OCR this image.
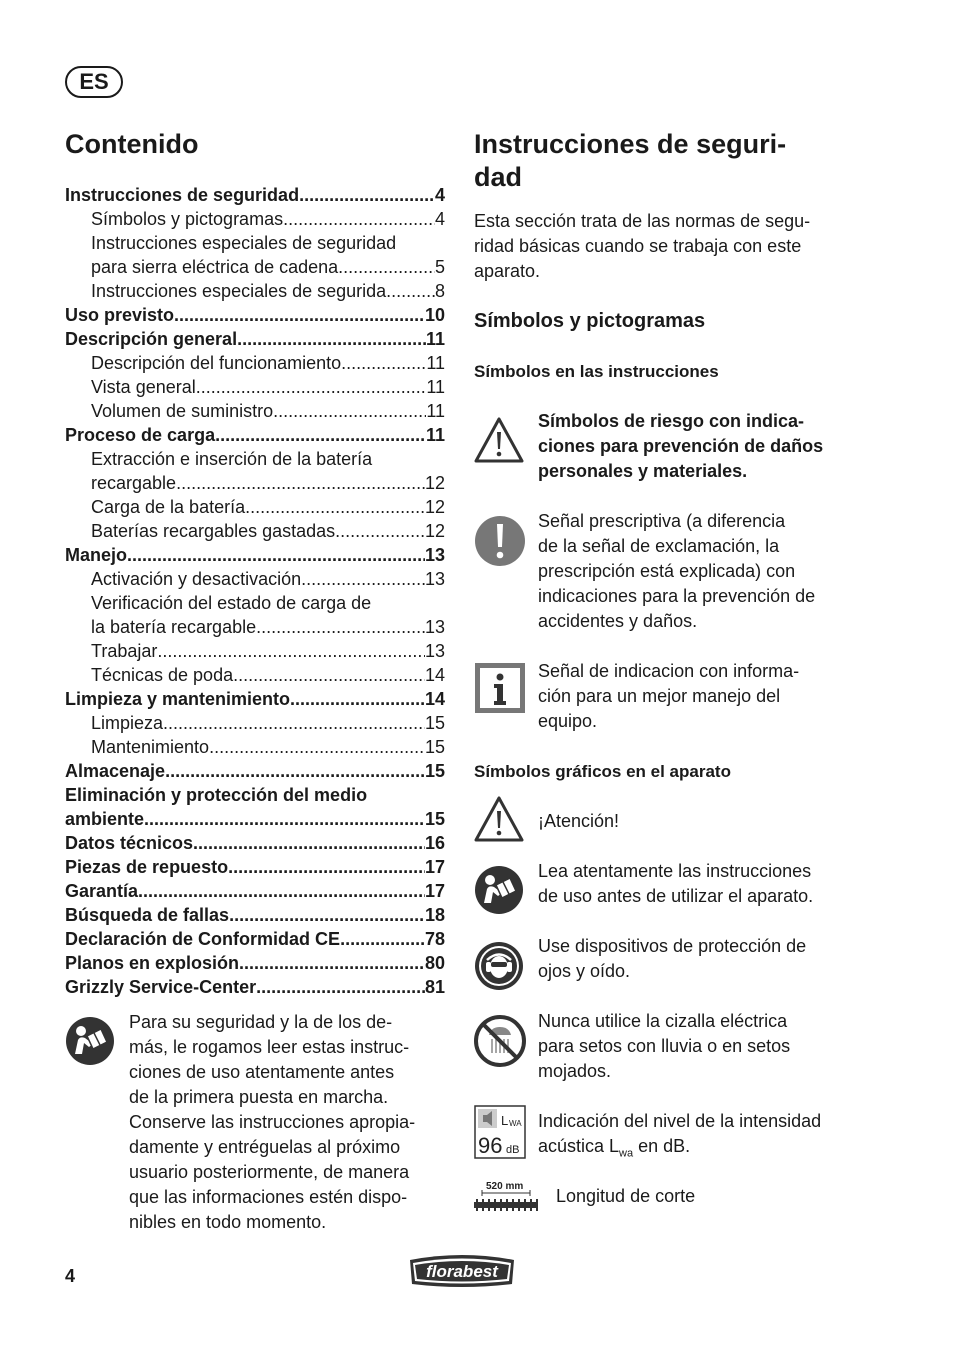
ES
Contenido
Instrucciones de seguridad .....	4
Símbolos y pictogramas .....	4
Instrucciones especiales de seguridad
para sierra eléctrica de cadena .....	5
Instrucciones especiales de segurida .....	8
Uso previsto .....	10
Descripción general .....	11
Descripción del funcionamiento .....	11
Vista general .....	11
Volumen de suministro .....	11
Proceso de carga .....	11
Extracción e inserción de la batería
recargable .....	12
Carga de la batería .....	12
Baterías recargables gastadas .....	12
Manejo .....	13
Activación y desactivación .....	13
Verificación del estado de carga de
la batería recargable .....	13
Trabajar .....	13
Técnicas de poda .....	14
Limpieza y mantenimiento .....	14
Limpieza .....	15
Mantenimiento .....	15
Almacenaje .....	15
Eliminación y protección del medio
ambiente .....	15
Datos técnicos .....	16
Piezas de repuesto .....	17
Garantía .....	17
Búsqueda de fallas .....	18
Declaración de Conformidad CE .....	78
Planos en explosión .....	80
Grizzly Service-Center .....	81
Para su seguridad y la de los de-
más, le rogamos leer estas instruc-
ciones de uso atentamente antes
de la primera puesta en marcha.
Conserve las instrucciones apropia-
damente y entréguelas al próximo
usuario posteriormente, de manera
que las informaciones estén dispo-
nibles en todo momento.
Instrucciones de seguri-
dad

Esta sección trata de las normas de segu-
ridad básicas cuando se trabaja con este
aparato.

Símbolos y pictogramas

Símbolos en las instrucciones

Símbolos de riesgo con indica-
ciones para prevención de daños
personales y materiales.
Señal prescriptiva (a diferencia
de la señal de exclamación, la
prescripción está explicada) con
indicaciones para la prevención de
accidentes y daños.
Señal de indicacion con informa-
ción para un mejor manejo del
equipo.

Símbolos gráficos en el aparato

¡Atención!
Lea atentamente las instrucciones
de uso antes de utilizar el aparato.
Use dispositivos de protección de
ojos y oído.
Nunca utilice la cizalla eléctrica
para setos con lluvia o en setos
mojados.
L WA
96 dB
Indicación del nivel de la intensidad
acústica $L_{wa}$ en dB.
520 mm Longitud de corte
4	florabest
